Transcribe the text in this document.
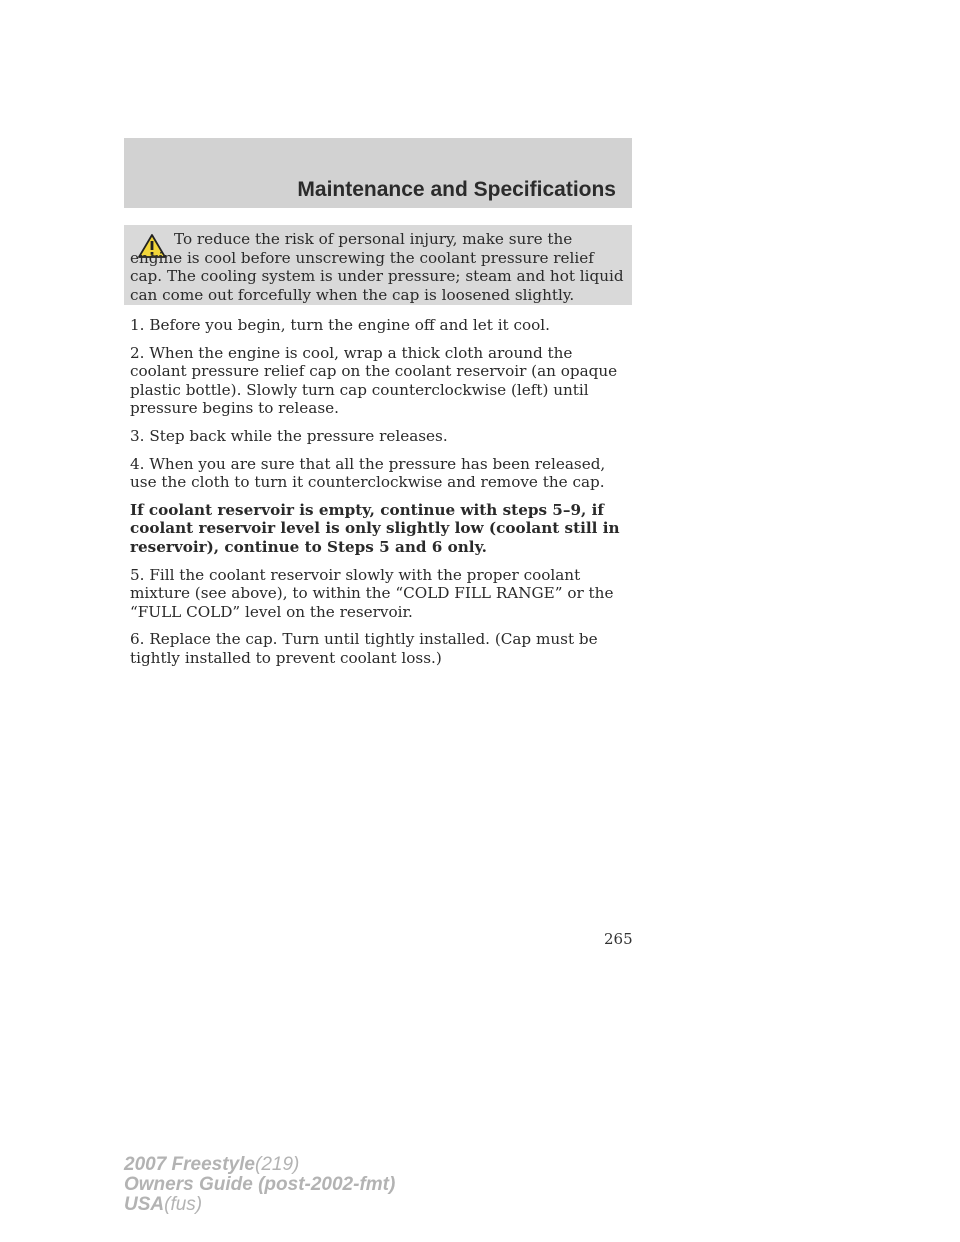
Maintenance and Specifications
To reduce the risk of personal injury, make sure the engine is cool before unscrewing the coolant pressure relief cap. The cooling system is under pressure; steam and hot liquid can come out forcefully when the cap is loosened slightly.

1. Before you begin, turn the engine off and let it cool.

2. When the engine is cool, wrap a thick cloth around the coolant pressure relief cap on the coolant reservoir (an opaque plastic bottle). Slowly turn cap counterclockwise (left) until pressure begins to release.

3. Step back while the pressure releases.

4. When you are sure that all the pressure has been released, use the cloth to turn it counterclockwise and remove the cap.

If coolant reservoir is empty, continue with steps 5–9, if coolant reservoir level is only slightly low (coolant still in reservoir), continue to Steps 5 and 6 only.

5. Fill the coolant reservoir slowly with the proper coolant mixture (see above), to within the “COLD FILL RANGE” or the “FULL COLD” level on the reservoir.

6. Replace the cap. Turn until tightly installed. (Cap must be tightly installed to prevent coolant loss.)

265
2007 Freestyle(219)
Owners Guide (post-2002-fmt)
USA(fus)
